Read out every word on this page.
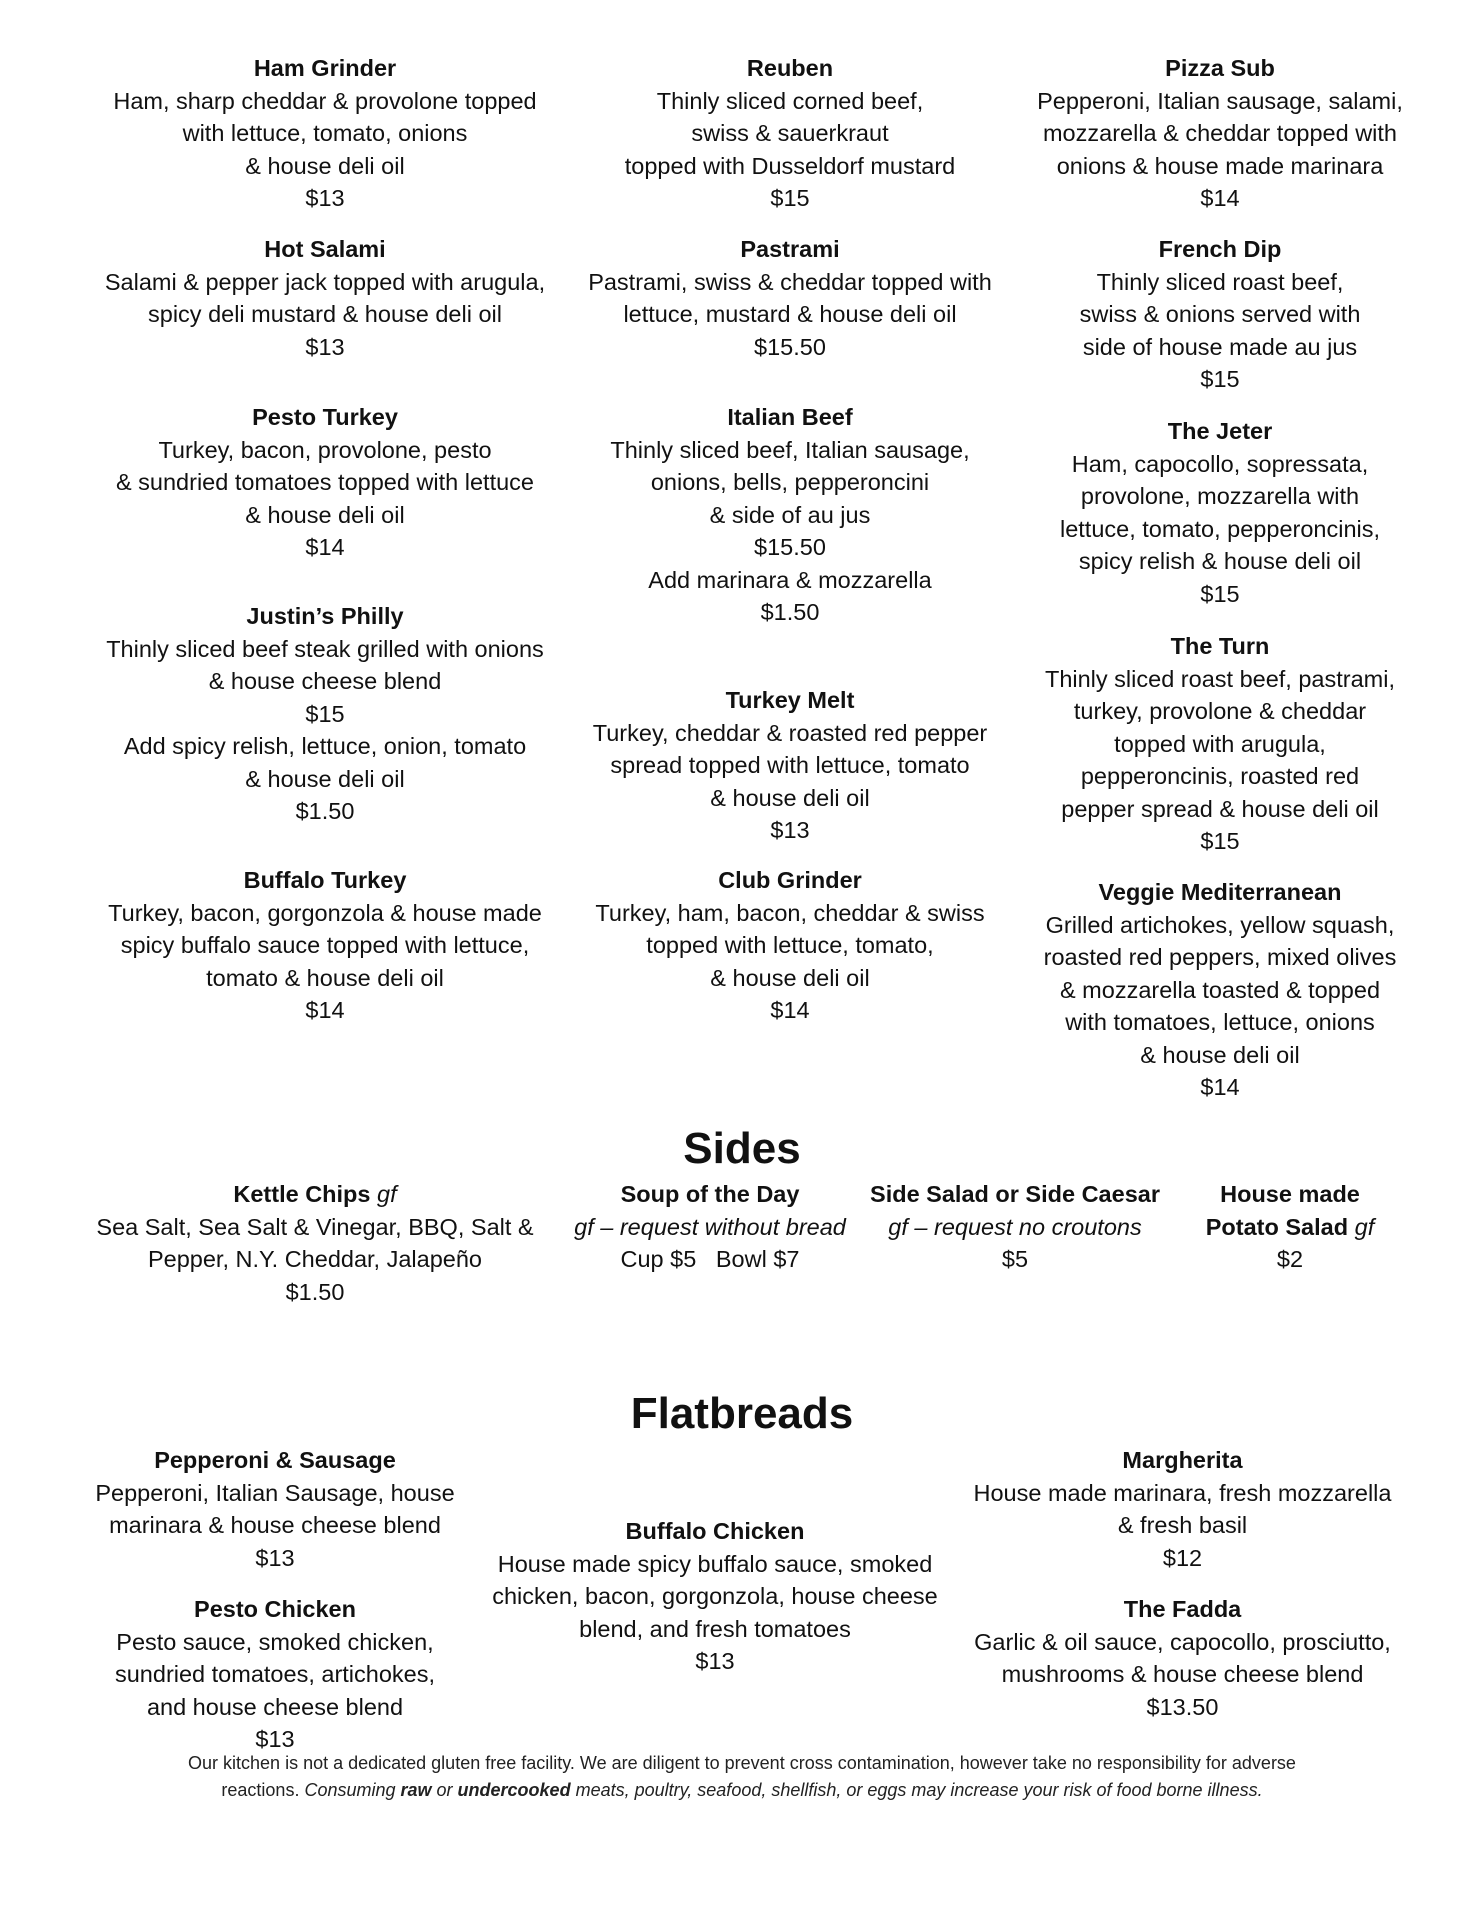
Ham Grinder
Ham, sharp cheddar & provolone topped
with lettuce, tomato, onions
& house deli oil
$13
Hot Salami
Salami & pepper jack topped with arugula,
spicy deli mustard & house deli oil
$13
Pesto Turkey
Turkey, bacon, provolone, pesto
& sundried tomatoes topped with lettuce
& house deli oil
$14
Justin’s Philly
Thinly sliced beef steak grilled with onions
& house cheese blend
$15
Add spicy relish, lettuce, onion, tomato
& house deli oil
$1.50
Buffalo Turkey
Turkey, bacon, gorgonzola & house made
spicy buffalo sauce topped with lettuce,
tomato & house deli oil
$14
Reuben
Thinly sliced corned beef,
swiss & sauerkraut
topped with Dusseldorf mustard
$15
Pastrami
Pastrami, swiss & cheddar topped with
lettuce, mustard & house deli oil
$15.50
Italian Beef
Thinly sliced beef, Italian sausage,
onions, bells, pepperoncini
& side of au jus
$15.50
Add marinara & mozzarella
$1.50
Turkey Melt
Turkey, cheddar & roasted red pepper
spread topped with lettuce, tomato
& house deli oil
$13
Club Grinder
Turkey, ham, bacon, cheddar & swiss
topped with lettuce, tomato,
& house deli oil
$14
Pizza Sub
Pepperoni, Italian sausage, salami,
mozzarella & cheddar topped with
onions & house made marinara
$14
French Dip
Thinly sliced roast beef,
swiss & onions served with
side of house made au jus
$15
The Jeter
Ham, capocollo, sopressata,
provolone, mozzarella with
lettuce, tomato, pepperoncinis,
spicy relish & house deli oil
$15
The Turn
Thinly sliced roast beef, pastrami,
turkey, provolone & cheddar
topped with arugula,
pepperoncinis, roasted red
pepper spread & house deli oil
$15
Veggie Mediterranean
Grilled artichokes, yellow squash,
roasted red peppers, mixed olives
& mozzarella toasted & topped
with tomatoes, lettuce, onions
& house deli oil
$14
Sides
Kettle Chips gf
Sea Salt, Sea Salt & Vinegar, BBQ, Salt &
Pepper, N.Y. Cheddar, Jalapeño
$1.50
Soup of the Day
gf – request without bread
Cup $5   Bowl $7
Side Salad or Side Caesar
gf – request no croutons
$5
House made
Potato Salad gf
$2
Flatbreads
Pepperoni & Sausage
Pepperoni, Italian Sausage, house
marinara & house cheese blend
$13
Pesto Chicken
Pesto sauce, smoked chicken,
sundried tomatoes, artichokes,
and house cheese blend
$13
Buffalo Chicken
House made spicy buffalo sauce, smoked
chicken, bacon, gorgonzola, house cheese
blend, and fresh tomatoes
$13
Margherita
House made marinara, fresh mozzarella
& fresh basil
$12
The Fadda
Garlic & oil sauce, capocollo, prosciutto,
mushrooms & house cheese blend
$13.50
Our kitchen is not a dedicated gluten free facility. We are diligent to prevent cross contamination, however take no responsibility for adverse
reactions. Consuming raw or undercooked meats, poultry, seafood, shellfish, or eggs may increase your risk of food borne illness.
